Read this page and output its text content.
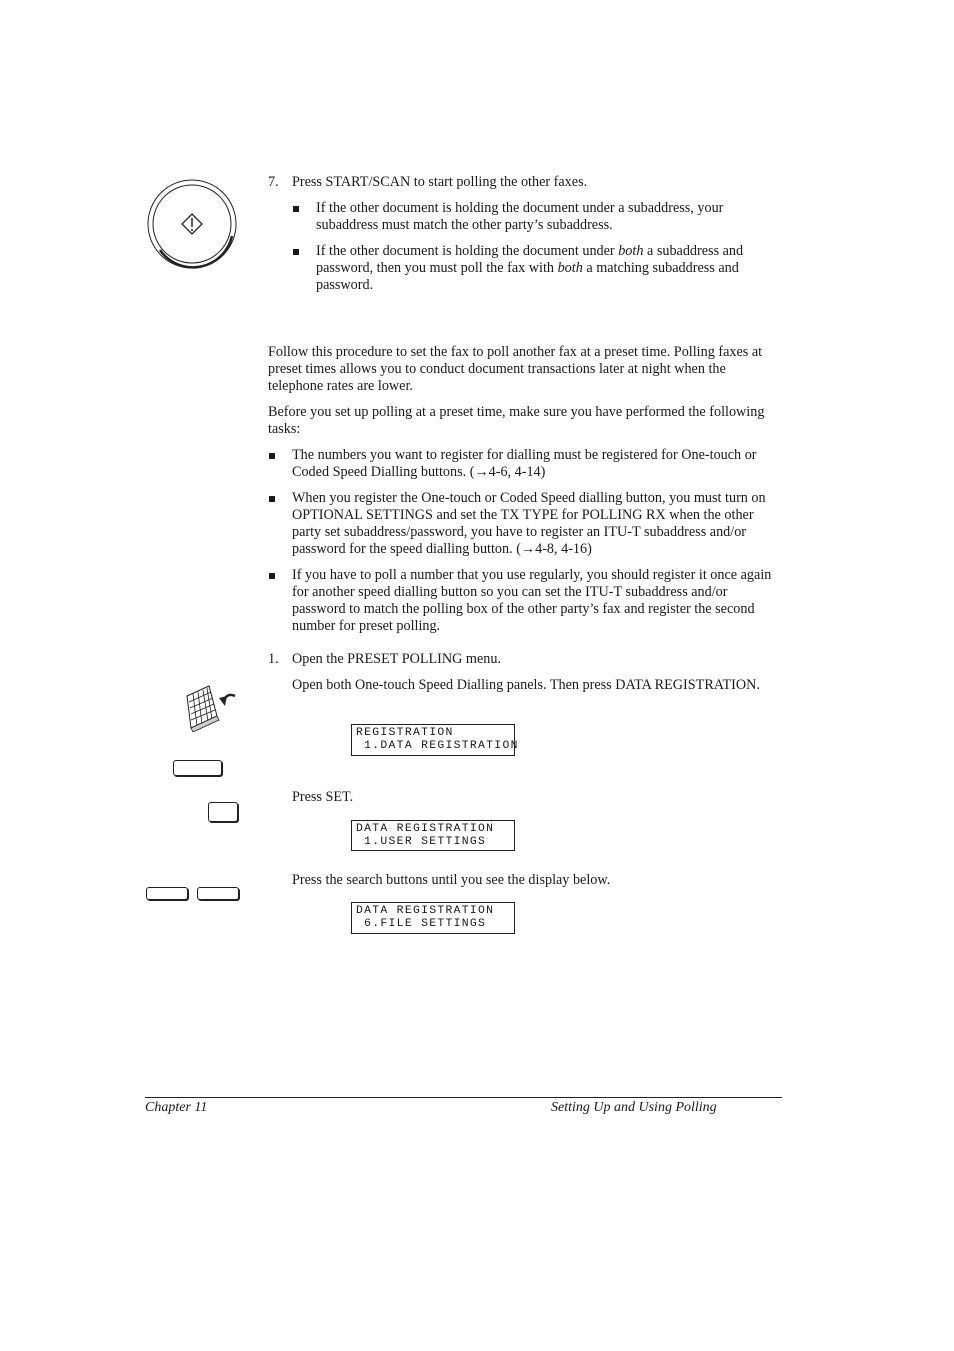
7. Press START/SCAN to start polling the other faxes.

If the other document is holding the document under a subaddress, your subaddress must match the other party’s subaddress.

If the other document is holding the document under both a subaddress and password, then you must poll the fax with both a matching subaddress and password.

Follow this procedure to set the fax to poll another fax at a preset time. Polling faxes at preset times allows you to conduct document transactions later at night when the telephone rates are lower.

Before you set up polling at a preset time, make sure you have performed the following tasks:

The numbers you want to register for dialling must be registered for One-touch or Coded Speed Dialling buttons. (→4-6, 4-14)

When you register the One-touch or Coded Speed dialling button, you must turn on OPTIONAL SETTINGS and set the TX TYPE for POLLING RX when the other party set subaddress/password, you have to register an ITU-T subaddress and/or password for the speed dialling button. (→4-8, 4-16)

If you have to poll a number that you use regularly, you should register it once again for another speed dialling button so you can set the ITU-T subaddress and/or password to match the polling box of the other party’s fax and register the second number for preset polling.

1. Open the PRESET POLLING menu.

Open both One-touch Speed Dialling panels. Then press DATA REGISTRATION.

REGISTRATION
1.DATA REGISTRATION

Press SET.

DATA REGISTRATION
1.USER SETTINGS

Press the search buttons until you see the display below.

DATA REGISTRATION
6.FILE SETTINGS
Chapter 11	Setting Up and Using Polling
